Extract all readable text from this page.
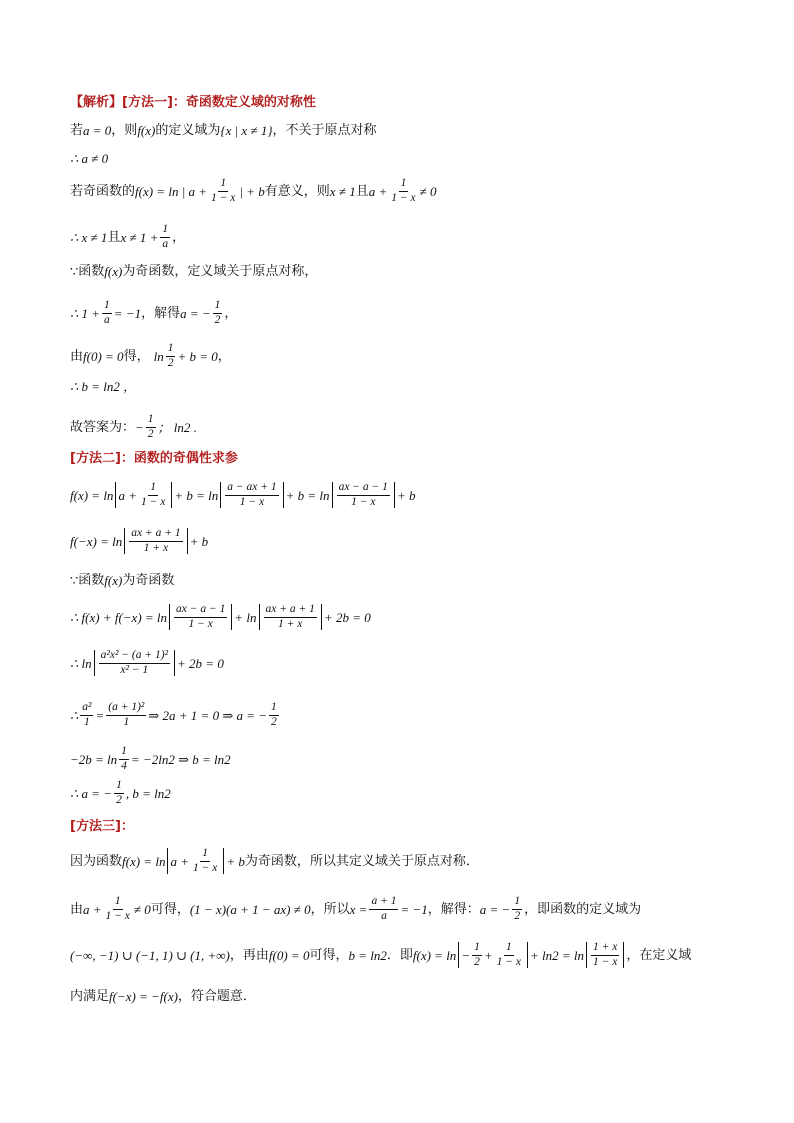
【解析】 [方法一]： 奇函数定义域的对称性
若 a = 0 ，则 f(x) 的定义域为 {x | x ≠ 1} ，不关于原点对称
∴ a ≠ 0
若奇函数的 f(x) = ln | $a + \frac{1}{1 - x}$ | + b 有意义，则 x ≠ 1 且 $a + \frac{1}{1 - x} \ne 0$
∴ x ≠ 1 且 $x \ne 1 + \frac{1}{a}$ ，
∵ 函数 f(x) 为奇函数，定义域关于原点对称，
∴ $1 + \frac{1}{a} = -1$ ，解得 a = − $\frac{1}{2}$ ，
由 f(0) = 0 得， $\ln \frac{1}{2} + b = 0$ ，
∴ b = ln2 ，
故答案为： − $\frac{1}{2}$ ； ln2 .
[方法二]： 函数的奇偶性求参
$f(x) = \ln a + \frac{1}{1 - x} + b = \ln \frac{a - ax + 1}{1 - x} + b = \ln \frac{ax - a - 1}{1 - x} + b$
$f(-x) = \ln \frac{ax + a + 1}{1 + x} + b$
∵ 函数 f(x) 为奇函数
∴ $f(x) + f(-x) = \ln \frac{ax - a - 1}{1 - x} + \ln \frac{ax + a + 1}{1 + x} + 2b = 0$
∴ $\ln \frac{\text{a²x² − (a + 1)²}}{\text{x² − 1}} + 2b = 0$
∴ $\frac{\text{a²}}{1} = \frac{\text{(a + 1)²}}{1}$ ⇒ 2a + 1 = 0 ⇒ a = − $\frac{1}{2}$
$-2b = \ln \frac{1}{4} = -2\ln 2$ ⇒ b = ln2
∴ a = − $\frac{1}{2}$ , b = ln2
[方法三]：
因为函数 $f(x) = \ln a + \frac{1}{1 - x} + b$ 为奇函数，所以其定义域关于原点对称．
由 $a + \frac{1}{1 - x} \ne 0$ 可得， (1 − x)(a + 1 − ax) ≠ 0 ，所以 $x = \frac{a + 1}{a} = -1$ ，解得： a = − $\frac{1}{2}$ ，即函数的定义域为
(−∞, −1) ∪ (−1, 1) ∪ (1, +∞) ，再由 f(0) = 0 可得， b = ln2 ．即 $f(x) = \ln - \frac{1}{2} + \frac{1}{1 - x} + \ln 2 = \ln \frac{1 + x}{1 - x}$ ，在定义域
内满足 f(−x) = −f(x) ，符合题意．
